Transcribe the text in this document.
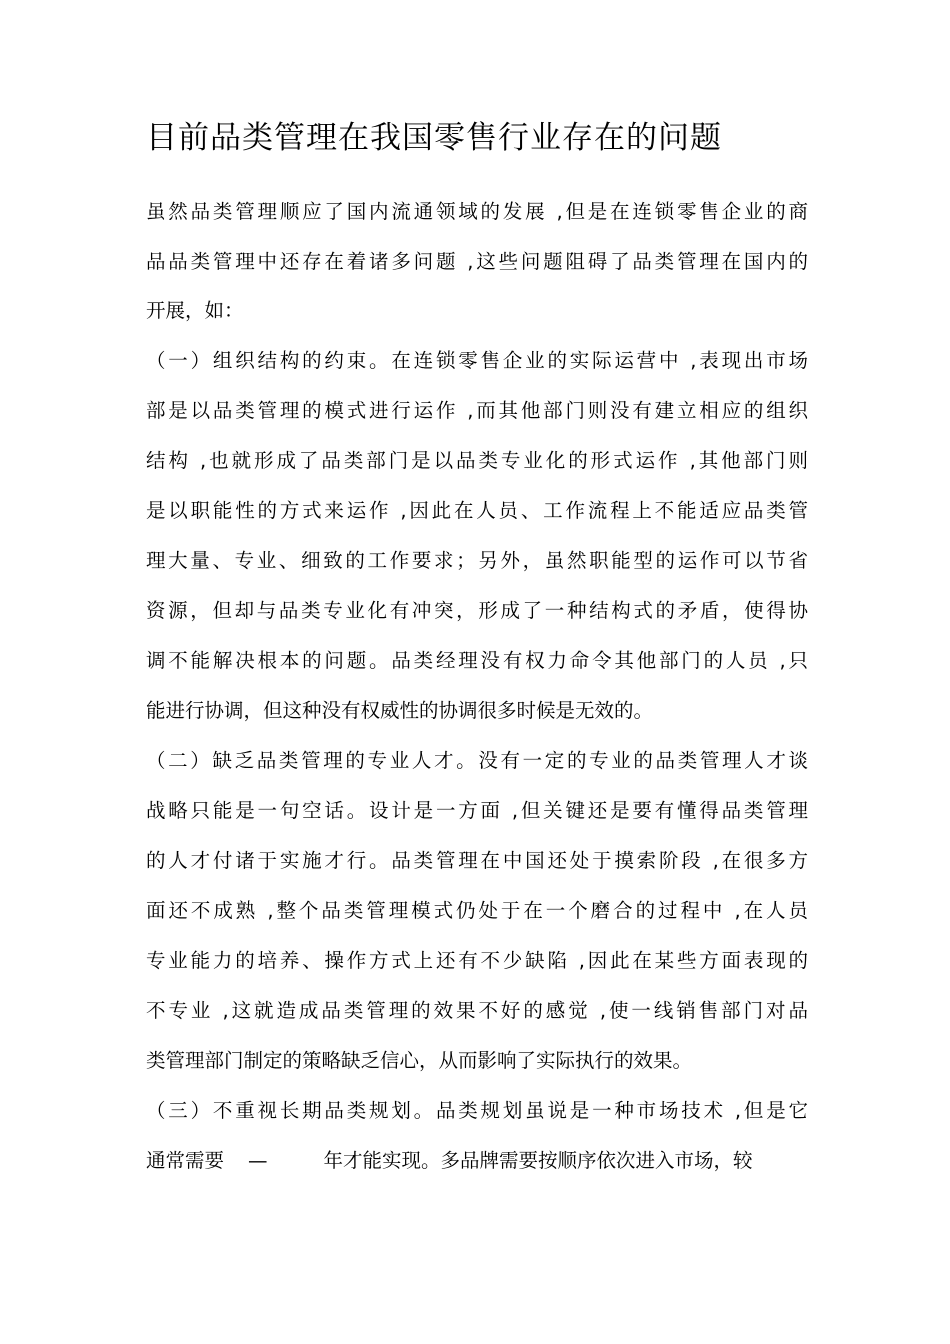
目前品类管理在我国零售行业存在的问题

虽然品类管理顺应了国内流通领域的发展 ,但是在连锁零售企业的商

品品类管理中还存在着诸多问题 ,这些问题阻碍了品类管理在国内的

开展，如：

（一）组织结构的约束。在连锁零售企业的实际运营中 ,表现出市场

部是以品类管理的模式进行运作 ,而其他部门则没有建立相应的组织

结构 ,也就形成了品类部门是以品类专业化的形式运作 ,其他部门则

是以职能性的方式来运作 ,因此在人员、工作流程上不能适应品类管

理大量、专业、细致的工作要求；另外，虽然职能型的运作可以节省

资源，但却与品类专业化有冲突，形成了一种结构式的矛盾，使得协

调不能解决根本的问题。品类经理没有权力命令其他部门的人员 ,只

能进行协调，但这种没有权威性的协调很多时候是无效的。

（二）缺乏品类管理的专业人才。没有一定的专业的品类管理人才谈

战略只能是一句空话。设计是一方面 ,但关键还是要有懂得品类管理

的人才付诸于实施才行。品类管理在中国还处于摸索阶段 ,在很多方

面还不成熟 ,整个品类管理模式仍处于在一个磨合的过程中 ,在人员

专业能力的培养、操作方式上还有不少缺陷 ,因此在某些方面表现的

不专业 ,这就造成品类管理的效果不好的感觉 ,使一线销售部门对品

类管理部门制定的策略缺乏信心，从而影响了实际执行的效果。

（三）不重视长期品类规划。品类规划虽说是一种市场技术 ,但是它

通常需要 —	年才能实现。多品牌需要按顺序依次进入市场，较
